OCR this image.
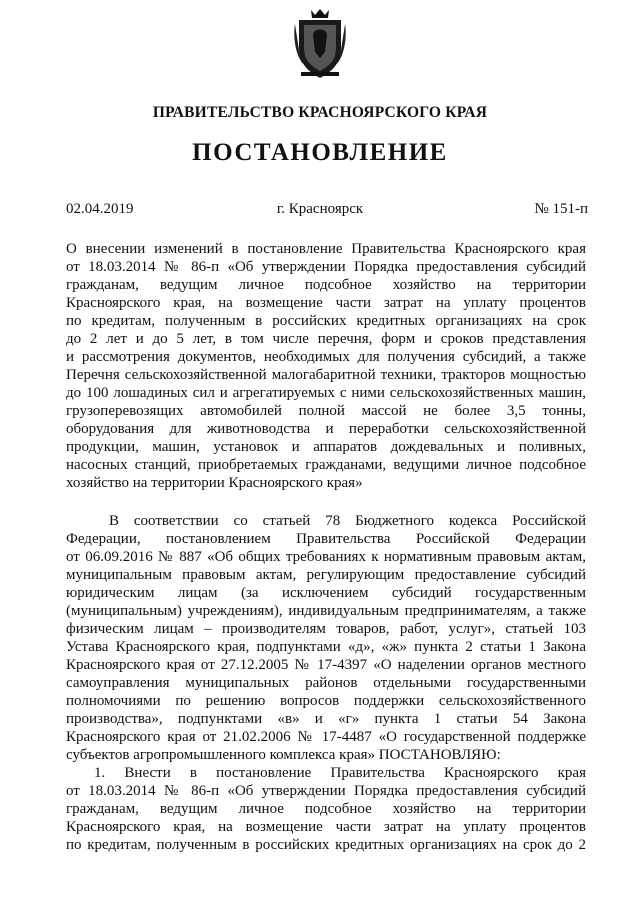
ПРАВИТЕЛЬСТВО КРАСНОЯРСКОГО КРАЯ
ПОСТАНОВЛЕНИЕ
02.04.2019	г. Красноярск	№ 151-п
О внесении изменений в постановление Правительства Красноярского края
от 18.03.2014 № 86-п «Об утверждении Порядка предоставления субсидий
гражданам, ведущим личное подсобное хозяйство на территории
Красноярского края, на возмещение части затрат на уплату процентов
по кредитам, полученным в российских кредитных организациях на срок
до 2 лет и до 5 лет, в том числе перечня, форм и сроков представления
и рассмотрения документов, необходимых для получения субсидий, а также
Перечня сельскохозяйственной малогабаритной техники, тракторов мощностью
до 100 лошадиных сил и агрегатируемых с ними сельскохозяйственных машин,
грузоперевозящих автомобилей полной массой не более 3,5 тонны,
оборудования для животноводства и переработки сельскохозяйственной
продукции, машин, установок и аппаратов дождевальных и поливных,
насосных станций, приобретаемых гражданами, ведущими личное подсобное
хозяйство на территории Красноярского края»
В соответствии со статьей 78 Бюджетного кодекса Российской
Федерации, постановлением Правительства Российской Федерации
от 06.09.2016 № 887 «Об общих требованиях к нормативным правовым актам,
муниципальным правовым актам, регулирующим предоставление субсидий
юридическим лицам (за исключением субсидий государственным
(муниципальным) учреждениям), индивидуальным предпринимателям, а также
физическим лицам – производителям товаров, работ, услуг», статьей 103
Устава Красноярского края, подпунктами «д», «ж» пункта 2 статьи 1 Закона
Красноярского края от 27.12.2005 № 17-4397 «О наделении органов местного
самоуправления муниципальных районов отдельными государственными
полномочиями по решению вопросов поддержки сельскохозяйственного
производства», подпунктами «в» и «г» пункта 1 статьи 54 Закона
Красноярского края от 21.02.2006 № 17-4487 «О государственной поддержке
субъектов агропромышленного комплекса края» ПОСТАНОВЛЯЮ:
1. Внести в постановление Правительства Красноярского края
от 18.03.2014 № 86-п «Об утверждении Порядка предоставления субсидий
гражданам, ведущим личное подсобное хозяйство на территории
Красноярского края, на возмещение части затрат на уплату процентов
по кредитам, полученным в российских кредитных организациях на срок до 2
